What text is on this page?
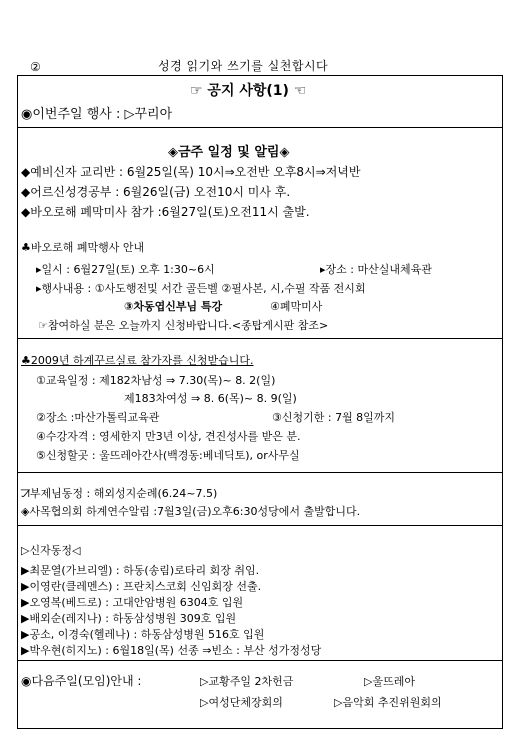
②	성경 읽기와 쓰기를 실천합시다
☞ 공지 사항(1) ☜
◉이번주일 행사 : ▷꾸리아
◈금주 일정 및 알림◈
◆예비신자 교리반 : 6월25일(목) 10시⇒오전반 오후8시⇒저녁반
◆어르신성경공부 : 6월26일(금) 오전10시 미사 후.
◆바오로해 폐막미사 참가 :6월27일(토)오전11시 출발.
♣바오로해 폐막행사 안내
▸일시 : 6월27일(토) 오후 1:30~6시	▸장소 : 마산실내체육관
▸행사내용 : ①사도행전및 서간 골든벨 ②필사본, 시,수필 작품 전시회
③차동엽신부님 특강	④폐막미사
☞참여하실 분은 오늘까지 신청바랍니다.<종탑게시판 참조>
♣2009년 하계꾸르실료 참가자를 신청받습니다.
①교육일정 : 제182차남성 ⇒ 7.30(목)~ 8. 2(일)
제183차여성 ⇒ 8. 6(목)~ 8. 9(일)
②장소 :마산가톨릭교육관	③신청기한 : 7월 8일까지
④수강자격 : 영세한지 만3년 이상, 견진성사를 받은 분.
⑤신청할곳 : 울뜨레아간사(백경동:베네딕토), or사무실
ꠀ부제님동정 : 해외성지순례(6.24~7.5)
◈사목협의회 하계연수알림 :7월3일(금)오후6:30성당에서 출발합니다.
▷신자동정◁
▶최문열(가브리엘) : 하동(송림)로타리 회장 취임.
▶이영란(클레멘스) : 프란치스코회 신임회장 선출.
▶오영복(베드로) : 고대안암병원 6304호 입원
▶배외순(레지나) : 하동삼성병원 309호 입원
▶공소, 이경숙(헬레나) : 하동삼성병원 516호 입원
▶박우현(히지노) : 6월18일(목) 선종 ⇒빈소 : 부산 성가정성당
◉다음주일(모임)안내 :	▷교황주일 2차헌금	▷울뜨레아
▷여성단체장회의	▷음악회 추진위원회의
